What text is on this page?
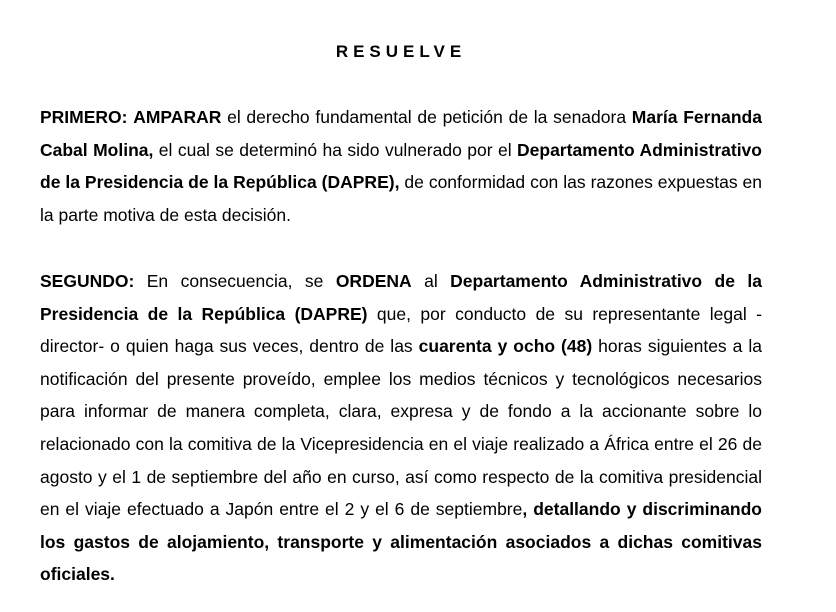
RESUELVE

PRIMERO: AMPARAR el derecho fundamental de petición de la senadora María Fernanda Cabal Molina, el cual se determinó ha sido vulnerado por el Departamento Administrativo de la Presidencia de la República (DAPRE), de conformidad con las razones expuestas en la parte motiva de esta decisión.

SEGUNDO: En consecuencia, se ORDENA al Departamento Administrativo de la Presidencia de la República (DAPRE) que, por conducto de su representante legal -director- o quien haga sus veces, dentro de las cuarenta y ocho (48) horas siguientes a la notificación del presente proveído, emplee los medios técnicos y tecnológicos necesarios para informar de manera completa, clara, expresa y de fondo a la accionante sobre lo relacionado con la comitiva de la Vicepresidencia en el viaje realizado a África entre el 26 de agosto y el 1 de septiembre del año en curso, así como respecto de la comitiva presidencial en el viaje efectuado a Japón entre el 2 y el 6 de septiembre, detallando y discriminando los gastos de alojamiento, transporte y alimentación asociados a dichas comitivas oficiales.
